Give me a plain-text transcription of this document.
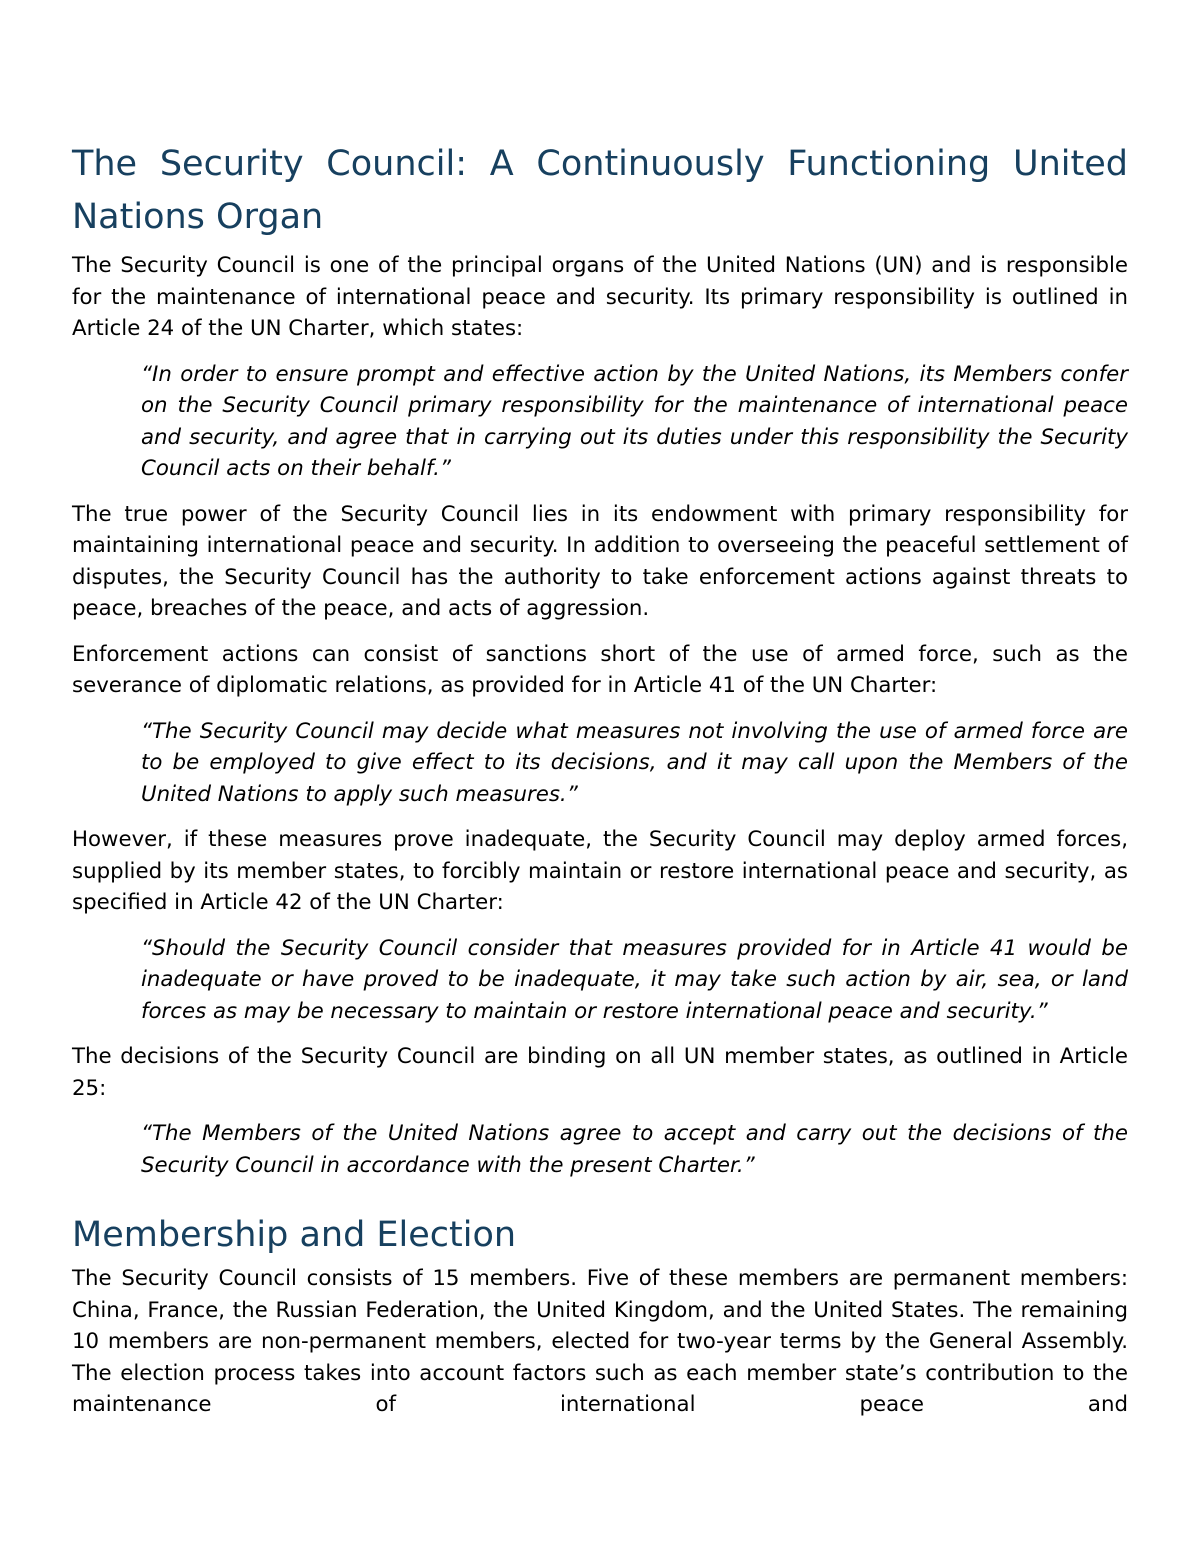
The Security Council: A Continuously Functioning United Nations Organ

The Security Council is one of the principal organs of the United Nations (UN) and is responsible for the maintenance of international peace and security. Its primary responsibility is outlined in Article 24 of the UN Charter, which states:

“In order to ensure prompt and effective action by the United Nations, its Members confer on the Security Council primary responsibility for the maintenance of international peace and security, and agree that in carrying out its duties under this responsibility the Security Council acts on their behalf.”

The true power of the Security Council lies in its endowment with primary responsibility for maintaining international peace and security. In addition to overseeing the peaceful settlement of disputes, the Security Council has the authority to take enforcement actions against threats to peace, breaches of the peace, and acts of aggression.

Enforcement actions can consist of sanctions short of the use of armed force, such as the severance of diplomatic relations, as provided for in Article 41 of the UN Charter:

“The Security Council may decide what measures not involving the use of armed force are to be employed to give effect to its decisions, and it may call upon the Members of the United Nations to apply such measures.”

However, if these measures prove inadequate, the Security Council may deploy armed forces, supplied by its member states, to forcibly maintain or restore international peace and security, as specified in Article 42 of the UN Charter:

“Should the Security Council consider that measures provided for in Article 41 would be inadequate or have proved to be inadequate, it may take such action by air, sea, or land forces as may be necessary to maintain or restore international peace and security.”

The decisions of the Security Council are binding on all UN member states, as outlined in Article 25:

“The Members of the United Nations agree to accept and carry out the decisions of the Security Council in accordance with the present Charter.”
Membership and Election

The Security Council consists of 15 members. Five of these members are permanent members: China, France, the Russian Federation, the United Kingdom, and the United States. The remaining 10 members are non-permanent members, elected for two-year terms by the General Assembly. The election process takes into account factors such as each member state’s contribution to the maintenance of international peace and
